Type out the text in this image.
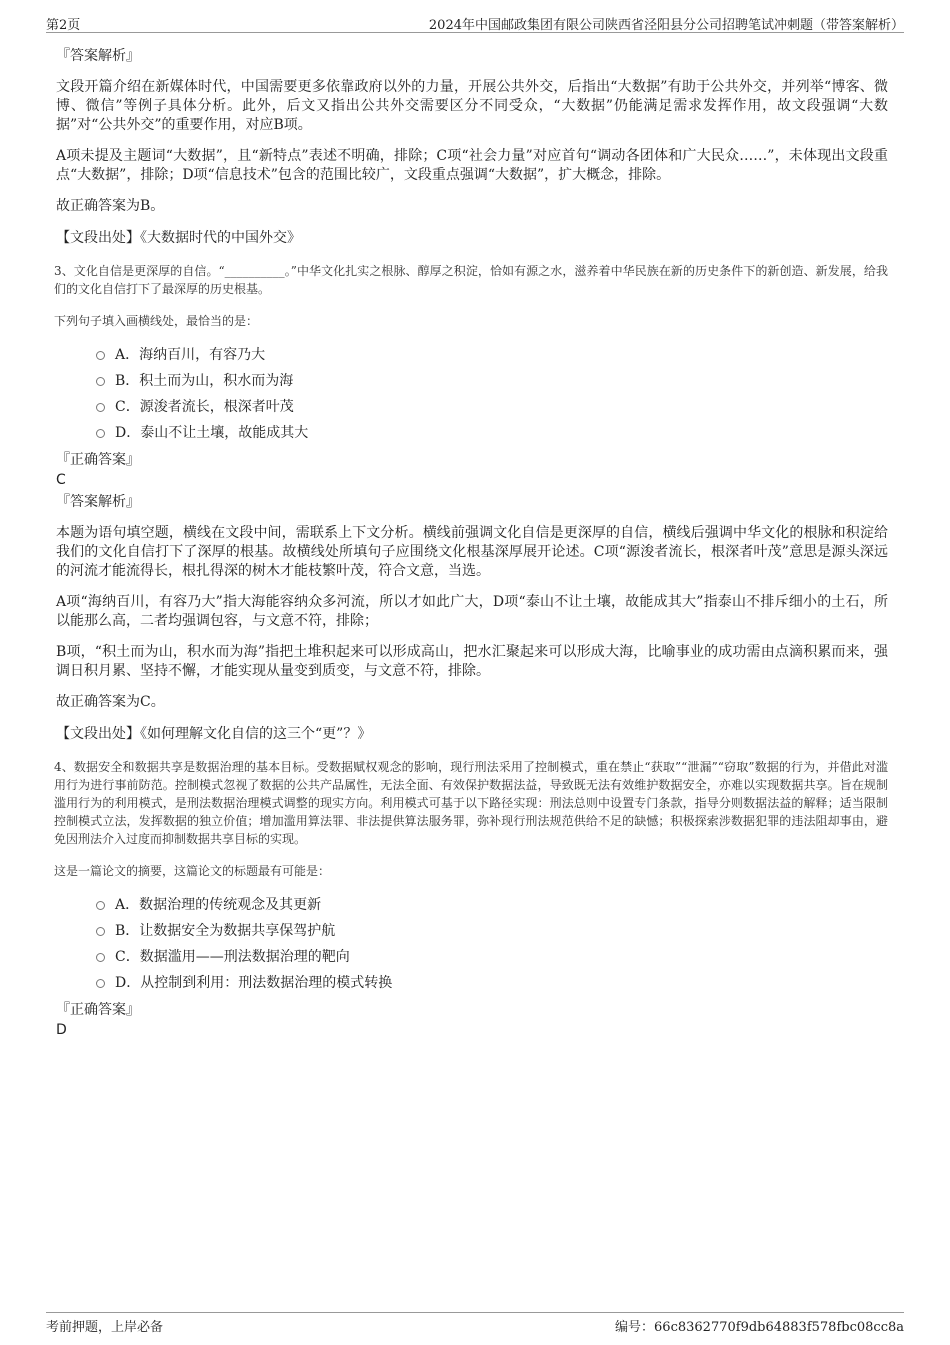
第2页	2024年中国邮政集团有限公司陕西省泾阳县分公司招聘笔试冲刺题（带答案解析）

『答案解析』

文段开篇介绍在新媒体时代，中国需要更多依靠政府以外的力量，开展公共外交，后指出“大数据”有助于公共外交，并列举“博客、微博、微信”等例子具体分析。此外，后文又指出公共外交需要区分不同受众，“大数据”仍能满足需求发挥作用，故文段强调“大数据”对“公共外交”的重要作用，对应B项。

A项未提及主题词“大数据”，且“新特点”表述不明确，排除；C项“社会力量”对应首句“调动各团体和广大民众……”，未体现出文段重点“大数据”，排除；D项“信息技术”包含的范围比较广，文段重点强调“大数据”，扩大概念，排除。

故正确答案为B。

【文段出处】《大数据时代的中国外交》

3、文化自信是更深厚的自信。“__________。”中华文化扎实之根脉、醇厚之积淀，恰如有源之水，滋养着中华民族在新的历史条件下的新创造、新发展，给我们的文化自信打下了最深厚的历史根基。

下列句子填入画横线处，最恰当的是：

A．海纳百川，有容乃大
B．积土而为山，积水而为海
C．源浚者流长，根深者叶茂
D．泰山不让土壤，故能成其大

『正确答案』

C

『答案解析』

本题为语句填空题，横线在文段中间，需联系上下文分析。横线前强调文化自信是更深厚的自信，横线后强调中华文化的根脉和积淀给我们的文化自信打下了深厚的根基。故横线处所填句子应围绕文化根基深厚展开论述。C项“源浚者流长，根深者叶茂”意思是源头深远的河流才能流得长，根扎得深的树木才能枝繁叶茂，符合文意，当选。

A项“海纳百川，有容乃大”指大海能容纳众多河流，所以才如此广大，D项“泰山不让土壤，故能成其大”指泰山不排斥细小的土石，所以能那么高，二者均强调包容，与文意不符，排除；

B项，“积土而为山，积水而为海”指把土堆积起来可以形成高山，把水汇聚起来可以形成大海，比喻事业的成功需由点滴积累而来，强调日积月累、坚持不懈，才能实现从量变到质变，与文意不符，排除。

故正确答案为C。

【文段出处】《如何理解文化自信的这三个“更”？》

4、数据安全和数据共享是数据治理的基本目标。受数据赋权观念的影响，现行刑法采用了控制模式，重在禁止“获取”“泄漏”“窃取”数据的行为，并借此对滥用行为进行事前防范。控制模式忽视了数据的公共产品属性，无法全面、有效保护数据法益，导致既无法有效维护数据安全，亦难以实现数据共享。旨在规制滥用行为的利用模式，是刑法数据治理模式调整的现实方向。利用模式可基于以下路径实现：刑法总则中设置专门条款，指导分则数据法益的解释；适当限制控制模式立法，发挥数据的独立价值；增加滥用算法罪、非法提供算法服务罪，弥补现行刑法规范供给不足的缺憾；积极探索涉数据犯罪的违法阻却事由，避免因刑法介入过度而抑制数据共享目标的实现。

这是一篇论文的摘要，这篇论文的标题最有可能是：

A．数据治理的传统观念及其更新
B．让数据安全为数据共享保驾护航
C．数据滥用——刑法数据治理的靶向
D．从控制到利用：刑法数据治理的模式转换

『正确答案』

D

考前押题，上岸必备	编号：66c8362770f9db64883f578fbc08cc8a
